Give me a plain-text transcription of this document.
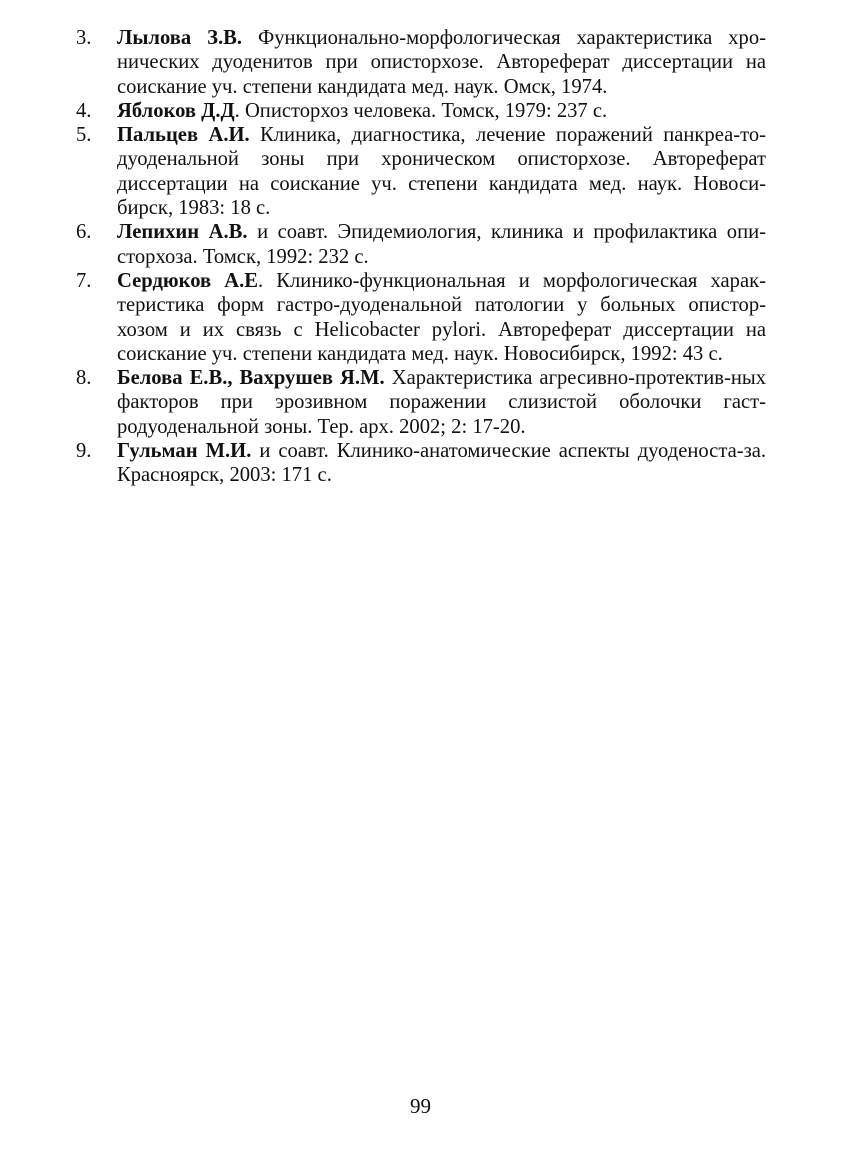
3.	Лылова З.В. Функционально-морфологическая характеристика хро-нических дуоденитов при описторхозе. Автореферат диссертации на соискание уч. степени кандидата мед. наук. Омск, 1974.
4.	Яблоков Д.Д. Описторхоз человека. Томск, 1979: 237 с.
5.	Пальцев А.И. Клиника, диагностика, лечение поражений панкреа-то-дуоденальной зоны при хроническом описторхозе. Автореферат диссертации на соискание уч. степени кандидата мед. наук. Новоси-бирск, 1983: 18 с.
6.	Лепихин А.В. и соавт. Эпидемиология, клиника и профилактика опи-сторхоза. Томск, 1992: 232 с.
7.	Сердюков А.Е. Клинико-функциональная и морфологическая харак-теристика форм гастро-дуоденальной патологии у больных опистор-хозом и их связь с Helicobacter pylori. Автореферат диссертации на соискание уч. степени кандидата мед. наук. Новосибирск, 1992: 43 с.
8.	Белова Е.В., Вахрушев Я.М. Характеристика агресивно-протектив-ных факторов при эрозивном поражении слизистой оболочки гаст-родуоденальной зоны. Тер. арх. 2002; 2: 17-20.
9.	Гульман М.И. и соавт. Клинико-анатомические аспекты дуоденоста-за. Красноярск, 2003: 171 с.
99
